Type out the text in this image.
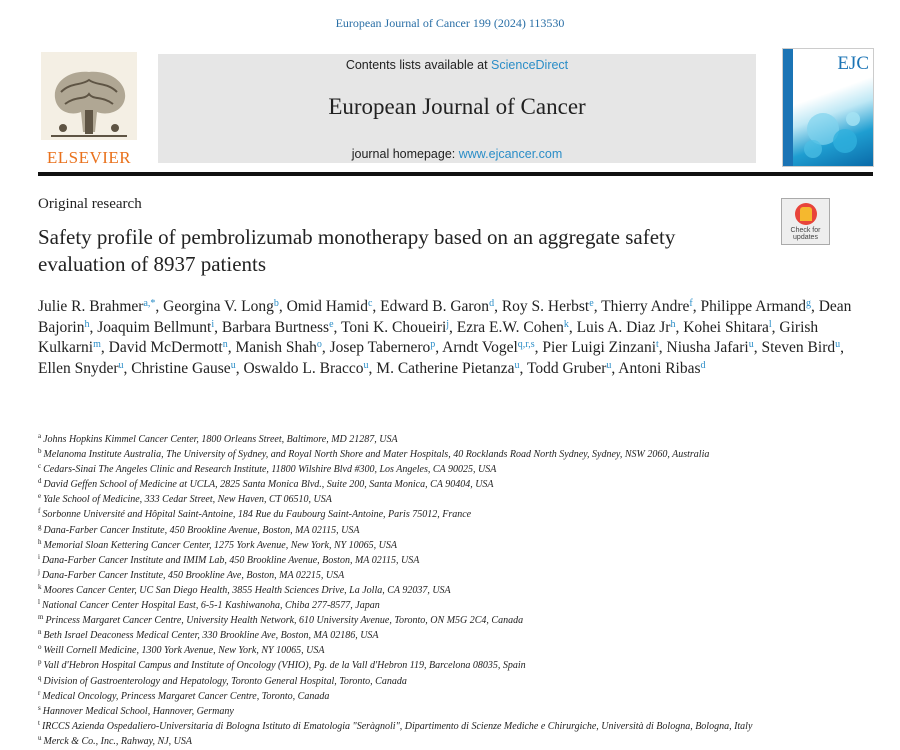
European Journal of Cancer 199 (2024) 113530
ELSEVIER
Contents lists available at ScienceDirect
European Journal of Cancer
journal homepage: www.ejcancer.com
EJC
Original research
Safety profile of pembrolizumab monotherapy based on an aggregate safety evaluation of 8937 patients
Check for updates
Julie R. Brahmer$^{a,*}$, Georgina V. Long$^b$, Omid Hamid$^c$, Edward B. Garon$^d$, Roy S. Herbst$^e$, Thierry Andre$^f$, Philippe Armand$^g$, Dean Bajorin$^h$, Joaquim Bellmunt$^i$, Barbara Burtness$^e$, Toni K. Choueiri$^j$, Ezra E.W. Cohen$^k$, Luis A. Diaz Jr$^h$, Kohei Shitara$^l$, Girish Kulkarni$^m$, David McDermott$^n$, Manish Shah$^o$, Josep Tabernero$^p$, Arndt Vogel$^{q,r,s}$, Pier Luigi Zinzani$^t$, Niusha Jafari$^u$, Steven Bird$^u$, Ellen Snyder$^u$, Christine Gause$^u$, Oswaldo L. Bracco$^u$, M. Catherine Pietanza$^u$, Todd Gruber$^u$, Antoni Ribas$^d$
$^a$ Johns Hopkins Kimmel Cancer Center, 1800 Orleans Street, Baltimore, MD 21287, USA
$^b$ Melanoma Institute Australia, The University of Sydney, and Royal North Shore and Mater Hospitals, 40 Rocklands Road North Sydney, Sydney, NSW 2060, Australia
$^c$ Cedars-Sinai The Angeles Clinic and Research Institute, 11800 Wilshire Blvd #300, Los Angeles, CA 90025, USA
$^d$ David Geffen School of Medicine at UCLA, 2825 Santa Monica Blvd., Suite 200, Santa Monica, CA 90404, USA
$^e$ Yale School of Medicine, 333 Cedar Street, New Haven, CT 06510, USA
$^f$ Sorbonne Université and Hôpital Saint-Antoine, 184 Rue du Faubourg Saint-Antoine, Paris 75012, France
$^g$ Dana-Farber Cancer Institute, 450 Brookline Avenue, Boston, MA 02115, USA
$^h$ Memorial Sloan Kettering Cancer Center, 1275 York Avenue, New York, NY 10065, USA
$^i$ Dana-Farber Cancer Institute and IMIM Lab, 450 Brookline Avenue, Boston, MA 02115, USA
$^j$ Dana-Farber Cancer Institute, 450 Brookline Ave, Boston, MA 02215, USA
$^k$ Moores Cancer Center, UC San Diego Health, 3855 Health Sciences Drive, La Jolla, CA 92037, USA
$^l$ National Cancer Center Hospital East, 6-5-1 Kashiwanoha, Chiba 277-8577, Japan
$^m$ Princess Margaret Cancer Centre, University Health Network, 610 University Avenue, Toronto, ON M5G 2C4, Canada
$^n$ Beth Israel Deaconess Medical Center, 330 Brookline Ave, Boston, MA 02186, USA
$^o$ Weill Cornell Medicine, 1300 York Avenue, New York, NY 10065, USA
$^p$ Vall d'Hebron Hospital Campus and Institute of Oncology (VHIO), Pg. de la Vall d'Hebron 119, Barcelona 08035, Spain
$^q$ Division of Gastroenterology and Hepatology, Toronto General Hospital, Toronto, Canada
$^r$ Medical Oncology, Princess Margaret Cancer Centre, Toronto, Canada
$^s$ Hannover Medical School, Hannover, Germany
$^t$ IRCCS Azienda Ospedaliero-Universitaria di Bologna Istituto di Ematologia "Seràgnoli", Dipartimento di Scienze Mediche e Chirurgiche, Università di Bologna, Bologna, Italy
$^u$ Merck & Co., Inc., Rahway, NJ, USA
